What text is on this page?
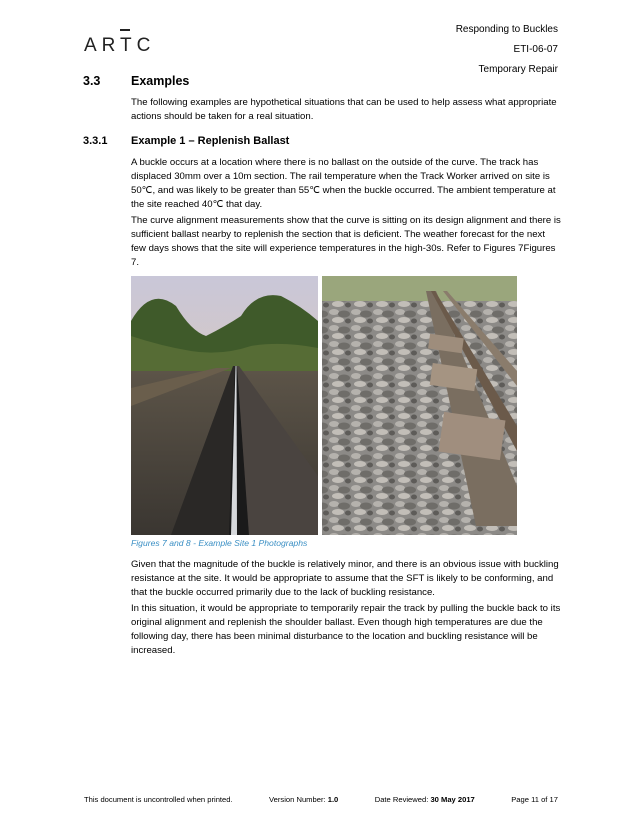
ARTC
Responding to Buckles
ETI-06-07
Temporary Repair
3.3 Examples

The following examples are hypothetical situations that can be used to help assess what appropriate actions should be taken for a real situation.

3.3.1 Example 1 – Replenish Ballast

A buckle occurs at a location where there is no ballast on the outside of the curve. The track has displaced 30mm over a 10m section. The rail temperature when the Track Worker arrived on site is 50℃, and was likely to be greater than 55℃ when the buckle occurred. The ambient temperature at the site reached 40℃ that day.

The curve alignment measurements show that the curve is sitting on its design alignment and there is sufficient ballast nearby to replenish the section that is deficient. The weather forecast for the next few days shows that the site will experience temperatures in the high-30s. Refer to Figures 7Figures 7.

Figures 7 and 8 - Example Site 1 Photographs

Given that the magnitude of the buckle is relatively minor, and there is an obvious issue with buckling resistance at the site. It would be appropriate to assume that the SFT is likely to be conforming, and that the buckle occurred primarily due to the lack of buckling resistance.

In this situation, it would be appropriate to temporarily repair the track by pulling the buckle back to its original alignment and replenish the shoulder ballast. Even though high temperatures are due the following day, there has been minimal disturbance to the location and buckling resistance will be increased.

This document is uncontrolled when printed.	Version Number: 1.0	Date Reviewed: 30 May 2017	Page 11 of 17
